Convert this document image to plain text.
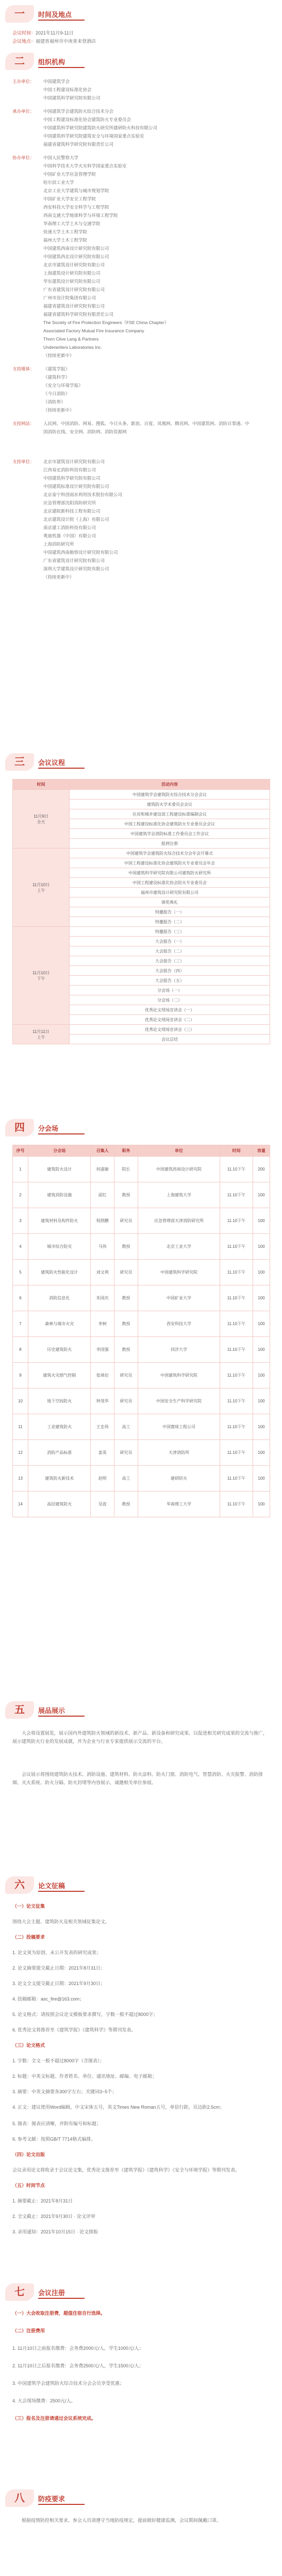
一	时间及地点
会议时间：2021年11月9-11日
会议地点：福建省福州市中庚喜来登酒店
二	组织机构
主办单位：	中国建筑学会
中国工程建设标准化协会
中国建筑科学研究院有限公司
承办单位：	中国建筑学会建筑防火综合技术分会
中国工程建设标准化协会建筑防火专业委员会
中国建筑科学研究院建筑防火研究所建研防火科技有限公司
中国建筑科学研究院建筑安全与环境国家重点实验室
福建省建筑科学研究院有限责任公司
协办单位：	中国人民警察大学
中国科学技术大学火灾科学国家重点实验室
中国矿业大学应急管理学院
哈尔滨工业大学
北京工业大学建筑与城市规划学院
中国矿业大学安全工程学院
西安科技大学安全科学与工程学院
西南交通大学地球科学与环境工程学院
华南理工大学土木与交通学院
快速大学土木工程学院
福州大学土木工程学院
中国建筑西南设计研究院有限公司
中国建筑西北设计研究院有限公司
北京市建筑设计研究院有限公司
上海建筑设计研究院有限公司
华东建筑设计研究院有限公司
广东省建筑设计研究院有限公司
广州市设计院集团有限公司
福建省建筑设计研究院有限公司
福建省建筑科学研究院有限责任公司
The Society of Fire Protection Engineers（FSE China Chapter）
Associated Factory Mutual Fire Insurance Company
Thorn Clive Lang & Partners
Underwriters Laboratories Inc.
（持续更新中）
支持媒体：	《建筑学报》
《建筑科学》
《安全与环境学报》
《今日消防》
《消防界》
（持续更新中）
支持网站：	人民网、中国消防、网易、搜狐、今日头条、新浪、百度、凤凰网、腾讯网、中国建筑网、消防百事通、中国消防在线、安全网、消防网、消防资源网
支持单位：	北京市建筑设计研究院有限公司
江西易宏消防科技有限公司
中国建筑科学研究院有限公司
中国建筑标准设计研究院有限公司
北京泰宁科创雨水利用技术股份有限公司
应急管理部沈阳消防研究所
北京建院新科技工程有限公司
北京建筑设计院（上海）有限公司
南京建工消防科技有限公司
奥迪机器（中国）有限公司
上海消防研究所
中国建筑西南勘察设计研究院有限公司
广东省建筑设计研究院有限公司
深圳大学建筑设计研究院有限公司
（持续更新中）
三	会议议程
时间	活动内容
11月9日
全天	中国建筑学会建筑防火综合技术分会会议
	建筑防火学术委员会会议
	住房和城乡建设部工程建设标准编制会议
	中国工程建设标准化协会建筑防火专业委员会会议
	中国建筑学会消防标准工作委员会工作会议
	报到注册
11月10日
上午	中国建筑学会建筑防火综合技术分会年会开幕式
	中国工程建设标准化协会建筑防火专业委员会年会
	中国建筑科学研究院有限公司建筑防火研究所
	中国工程建设标准化协会防火专业委员会
	福州市建筑设计研究院有限公司
	颁奖典礼
	特邀报告（一）
	特邀报告（二）
11月10日
下午	特邀报告（三）
	大会报告（一）
	大会报告（二）
	大会报告（三）
	大会报告（四）
	大会报告（五）
	分会场（一）
	分会场（二）
	优秀论文现场宣讲会（一）
	优秀论文现场宣讲会（二）
11月11日
上午	优秀论文现场宣讲会（三）
	会议总结
四	分会场
序号	分会场	召集人	职务	单位	时间	容量
1	建筑防火设计	何淑敏	院长	中国建筑西南设计研究院	11.10下午	200
2	建筑消防设施	邱红	教授	上海建筑大学	11.10下午	100
3	建筑材料及构件防火	倪照鹏	研究员	应急管理部天津消防研究所	11.10下午	100
4	城市综合防灾	马伟	教授	北京工业大学	11.10下午	100
5	建筑防火性能化设计	刘文利	研究员	中国建筑科学研究院	11.10下午	100
6	消防信息化	朱国庆	教授	中国矿业大学	11.10下午	100
7	森林与城市火灾	李树	教授	西安科技大学	11.10下午	100
8	历史建筑防火	李国强	教授	同济大学	11.10下午	100
9	建筑火灾烟气控制	张靖岩	研究员	中国建筑科学研究院	11.10下午	100
10	地下空间防火	钟茂华	研究员	中国安全生产科学研究院	11.10下午	100
11	工业建筑防火	王忠伟	高工	中国寰球工程公司	11.10下午	100
12	消防产品标准	姜英	研究员	天津消防所	11.10下午	100
13	建筑防火新技术	赵明	高工	建研防火	11.10下午	100
14	高层建筑防火	吴波	教授	华南理工大学	11.10下午	100
五	展品展示
大会将设置展览，展示国内外建筑防火领域的新技术、新产品、新设备和研究成果。以促进相关研究成果的交流与推广，展示建筑防火行业的发展成就，并为企业与行业专家提供展示交流的平台。
会议展示将围绕建筑防火技术、消防设施、建筑材料、防火涂料、防火门窗、消防电气、智慧消防、火灾报警、消防排烟、灭火系统、防火分隔、防火封堵等内容展示，诚邀相关单位参展。
六	论文征稿
（一）论文征集
围绕大会主题、建筑防火及相关领域征集论文。
（二）投稿要求
1. 论文须为原创、未公开发表的研究成果；
2. 论文摘要提交截止日期：2021年8月31日；
3. 论文全文提交截止日期：2021年9月30日；
4. 投稿邮箱：asc_fire@163.com；
5. 论文格式：请按照会议论文模板要求撰写，字数一般不超过8000字；
6. 优秀论文将推荐至《建筑学报》《建筑科学》等期刊发表。
（三）论文格式
1. 字数：全文一般不超过8000字（含图表）；
2. 标题：中英文标题、作者姓名、单位、通讯地址、邮编、电子邮箱；
3. 摘要：中英文摘要各300字左右；关键词3~5个；
4. 正文：建议使用Word编辑，中文宋体五号，英文Times New Roman五号，单倍行距，页边距2.5cm；
5. 图表：图表应清晰，并附有编号和标题；
6. 参考文献：按照GB/T 7714格式编排。
（四）论文出版
会议录用论文将收录于会议论文集，优秀论文推荐至《建筑学报》《建筑科学》《安全与环境学报》等期刊发表。
（五）时间节点
1. 摘要截止：2021年8月31日
2. 全文截止：2021年9月30日 · 论文评审
3. 录用通知：2021年10月15日 · 论文排版
七	会议注册
（一）大会收取注册费，超值住宿自行选择。
（二）注册费用
1. 11月10日之前报名缴费：会务费2000元/人，学生1000元/人；
2. 11月10日之后报名缴费：会务费2500元/人，学生1500元/人；
3. 中国建筑学会建筑防火综合技术分会会员享受优惠；
4. 大会现场缴费：2500元/人。
（三）报名及注册请通过会议系统完成。
八	防疫要求
根据疫情防控相关要求，参会人员请遵守当地防疫规定，提前做好健康监测，会议期间佩戴口罩。
